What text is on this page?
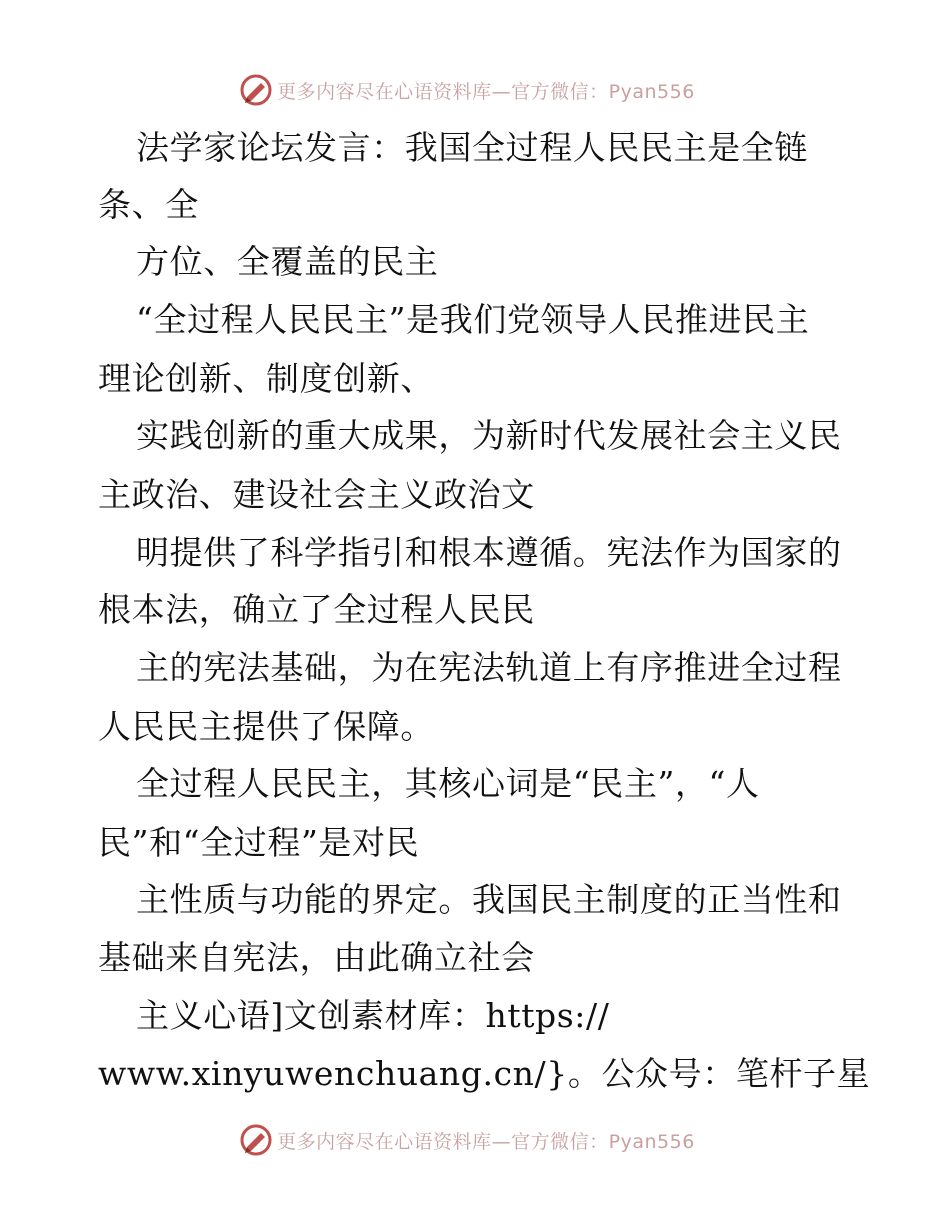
更多内容尽在心语资料库—官方微信：Pyan556
法学家论坛发言：我国全过程人民民主是全链
条、全
方位、全覆盖的民主
“全过程人民民主”是我们党领导人民推进民主
理论创新、制度创新、
实践创新的重大成果，为新时代发展社会主义民
主政治、建设社会主义政治文
明提供了科学指引和根本遵循。宪法作为国家的
根本法，确立了全过程人民民
主的宪法基础，为在宪法轨道上有序推进全过程
人民民主提供了保障。
全过程人民民主，其核心词是“民主”，“人
民”和“全过程”是对民
主性质与功能的界定。我国民主制度的正当性和
基础来自宪法，由此确立社会
主义心语]文创素材库：https://
www.xinyuwenchuang.cn/}。公众号：笔杆子星
更多内容尽在心语资料库—官方微信：Pyan556
